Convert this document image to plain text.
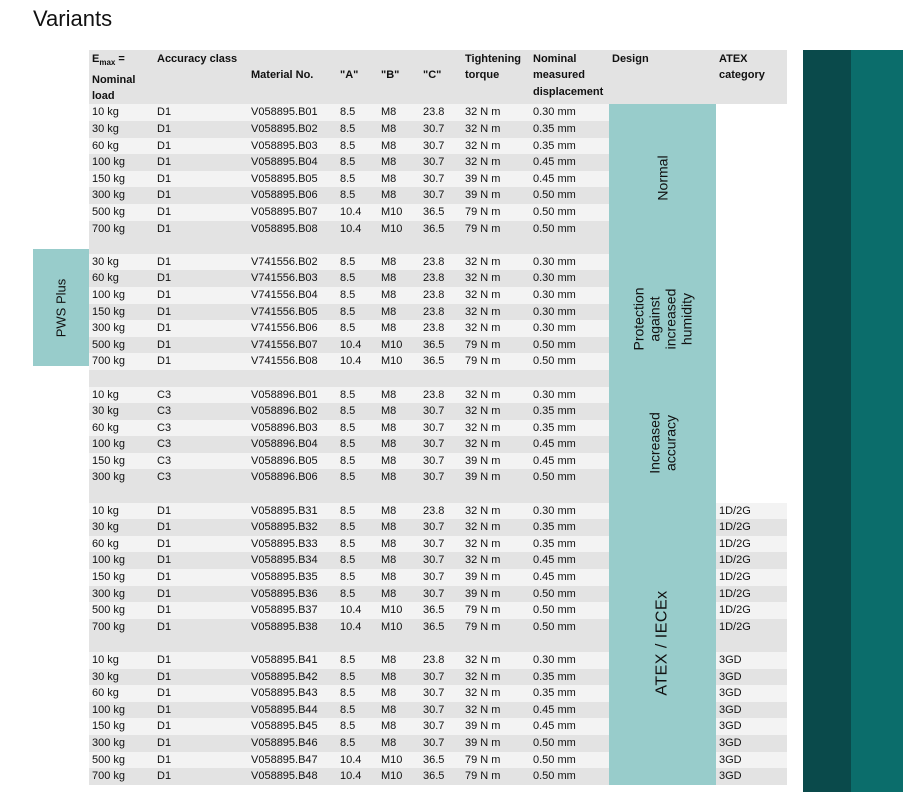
Variants
PWS Plus
$E_{max}$ =
Nominal
load	Accuracy class	Material No.	"A"	"B"	"C"	Tightening
torque	Nominal
measured
displacement	Design	ATEX
category
10 kg	D1	V058895.B01	8.5	M8	23.8	32 N m	0.30 mm	Normal	
30 kg	D1	V058895.B02	8.5	M8	30.7	32 N m	0.35 mm		
60 kg	D1	V058895.B03	8.5	M8	30.7	32 N m	0.35 mm		
100 kg	D1	V058895.B04	8.5	M8	30.7	32 N m	0.45 mm		
150 kg	D1	V058895.B05	8.5	M8	30.7	39 N m	0.45 mm		
300 kg	D1	V058895.B06	8.5	M8	30.7	39 N m	0.50 mm		
500 kg	D1	V058895.B07	10.4	M10	36.5	79 N m	0.50 mm		
700 kg	D1	V058895.B08	10.4	M10	36.5	79 N m	0.50 mm		

30 kg	D1	V741556.B02	8.5	M8	23.8	32 N m	0.30 mm	Protection
against
increased
humidity	
60 kg	D1	V741556.B03	8.5	M8	23.8	32 N m	0.30 mm		
100 kg	D1	V741556.B04	8.5	M8	23.8	32 N m	0.30 mm		
150 kg	D1	V741556.B05	8.5	M8	23.8	32 N m	0.30 mm		
300 kg	D1	V741556.B06	8.5	M8	23.8	32 N m	0.30 mm		
500 kg	D1	V741556.B07	10.4	M10	36.5	79 N m	0.50 mm		
700 kg	D1	V741556.B08	10.4	M10	36.5	79 N m	0.50 mm		

10 kg	C3	V058896.B01	8.5	M8	23.8	32 N m	0.30 mm	Increased
accuracy	
30 kg	C3	V058896.B02	8.5	M8	30.7	32 N m	0.35 mm		
60 kg	C3	V058896.B03	8.5	M8	30.7	32 N m	0.35 mm		
100 kg	C3	V058896.B04	8.5	M8	30.7	32 N m	0.45 mm		
150 kg	C3	V058896.B05	8.5	M8	30.7	39 N m	0.45 mm		
300 kg	C3	V058896.B06	8.5	M8	30.7	39 N m	0.50 mm		

10 kg	D1	V058895.B31	8.5	M8	23.8	32 N m	0.30 mm	ATEX / IECEx	1D/2G
30 kg	D1	V058895.B32	8.5	M8	30.7	32 N m	0.35 mm		1D/2G
60 kg	D1	V058895.B33	8.5	M8	30.7	32 N m	0.35 mm		1D/2G
100 kg	D1	V058895.B34	8.5	M8	30.7	32 N m	0.45 mm		1D/2G
150 kg	D1	V058895.B35	8.5	M8	30.7	39 N m	0.45 mm		1D/2G
300 kg	D1	V058895.B36	8.5	M8	30.7	39 N m	0.50 mm		1D/2G
500 kg	D1	V058895.B37	10.4	M10	36.5	79 N m	0.50 mm		1D/2G
700 kg	D1	V058895.B38	10.4	M10	36.5	79 N m	0.50 mm		1D/2G

10 kg	D1	V058895.B41	8.5	M8	23.8	32 N m	0.30 mm		3GD
30 kg	D1	V058895.B42	8.5	M8	30.7	32 N m	0.35 mm		3GD
60 kg	D1	V058895.B43	8.5	M8	30.7	32 N m	0.35 mm		3GD
100 kg	D1	V058895.B44	8.5	M8	30.7	32 N m	0.45 mm		3GD
150 kg	D1	V058895.B45	8.5	M8	30.7	39 N m	0.45 mm		3GD
300 kg	D1	V058895.B46	8.5	M8	30.7	39 N m	0.50 mm		3GD
500 kg	D1	V058895.B47	10.4	M10	36.5	79 N m	0.50 mm		3GD
700 kg	D1	V058895.B48	10.4	M10	36.5	79 N m	0.50 mm		3GD
